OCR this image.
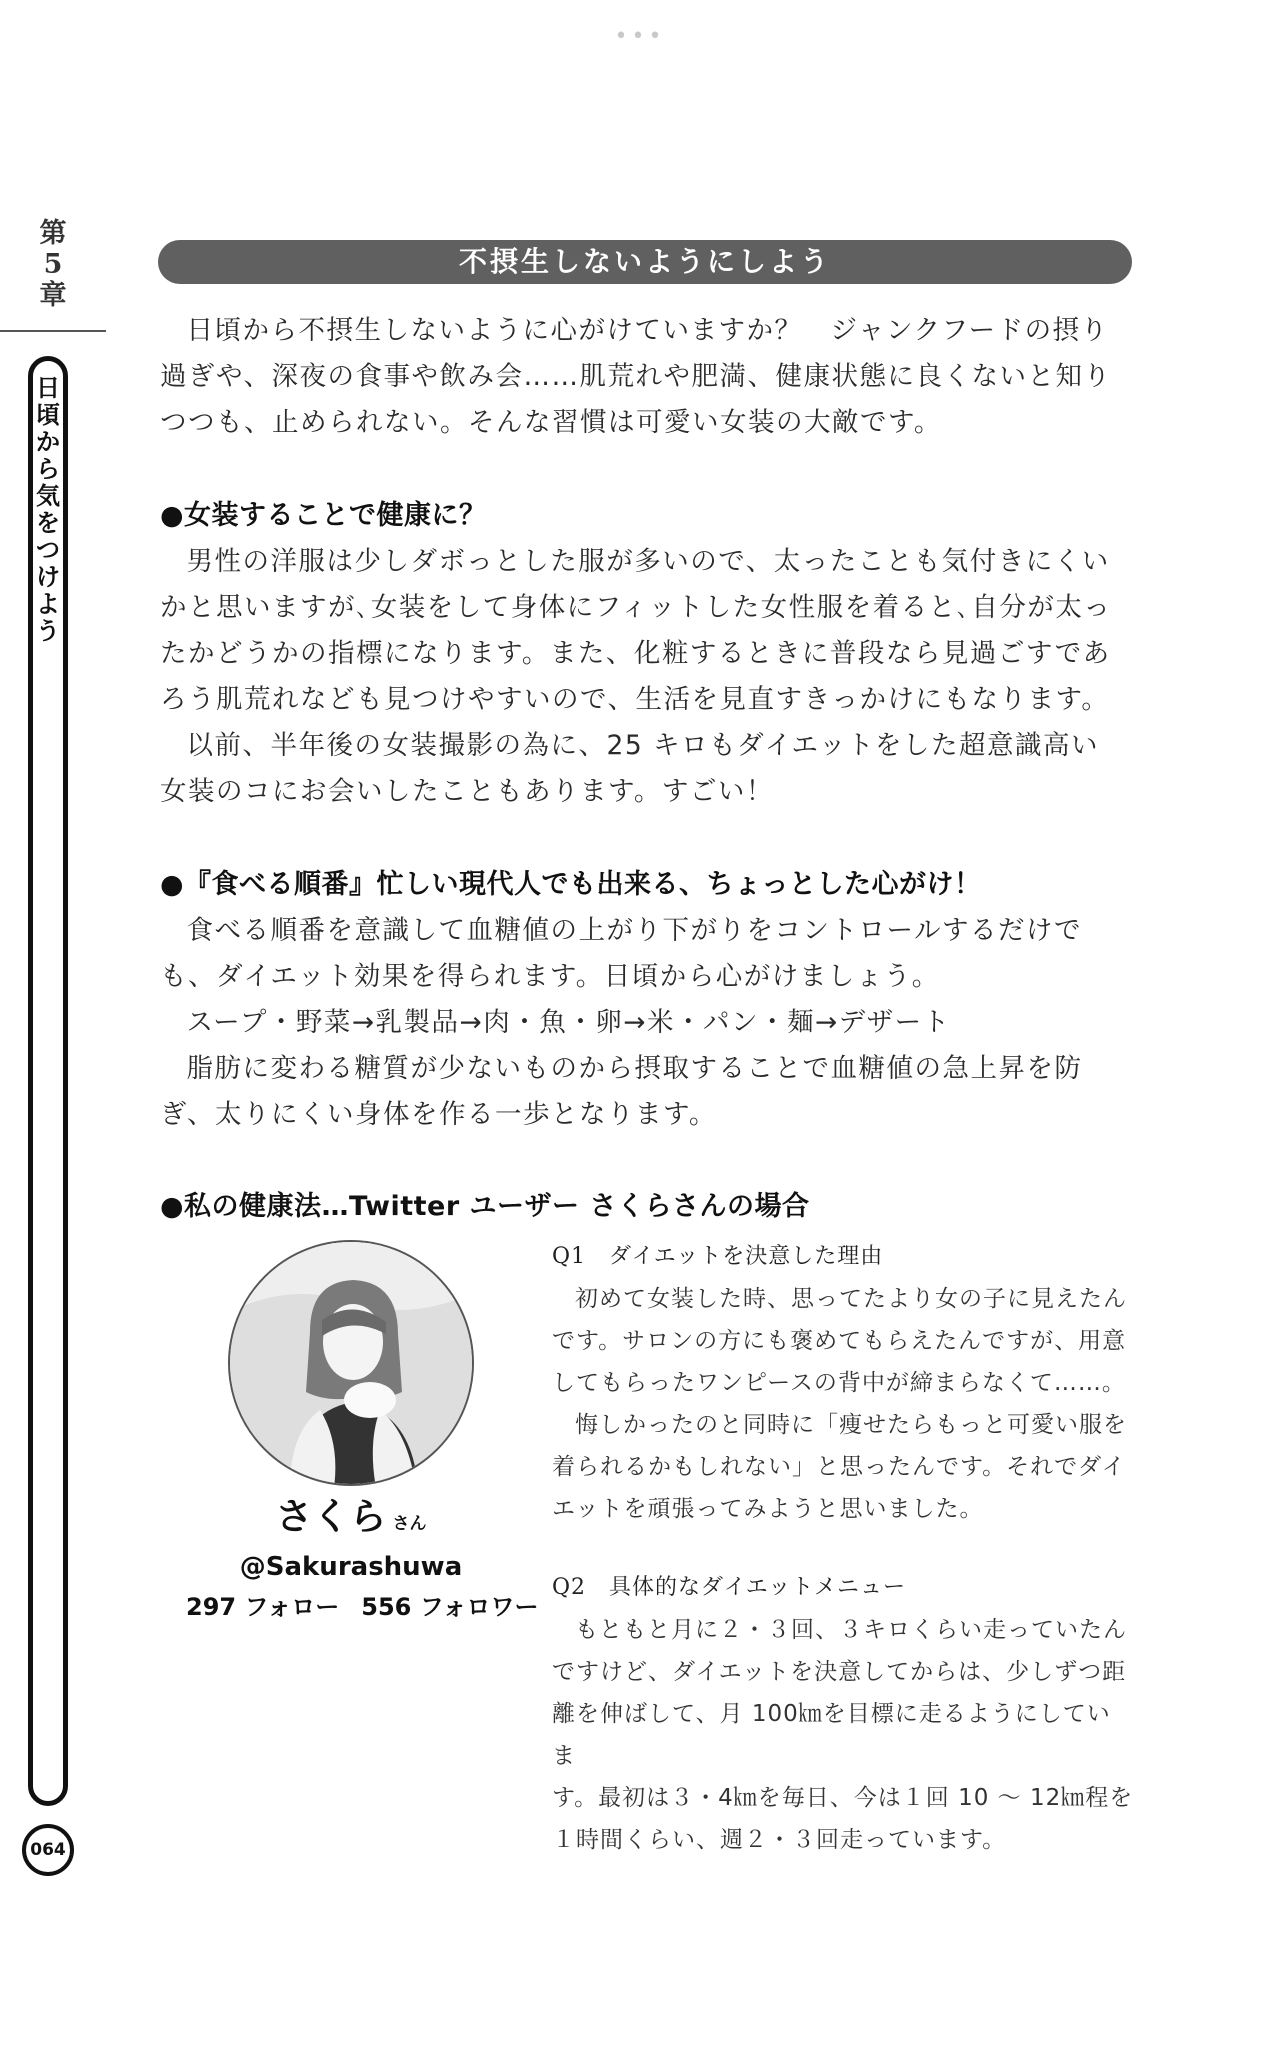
•••
第
5
章
日
頃
か
ら
気
を
つ
け
よ
う
064
不摂生しないようにしよう

日頃から不摂生しないように心がけていますか？　ジャンクフードの摂り

過ぎや、深夜の食事や飲み会……肌荒れや肥満、健康状態に良くないと知り

つつも、止められない。そんな習慣は可愛い女装の大敵です。

●女装することで健康に？

男性の洋服は少しダボっとした服が多いので、太ったことも気付きにくい

かと思いますが､女装をして身体にフィットした女性服を着ると､自分が太っ

たかどうかの指標になります。また、化粧するときに普段なら見過ごすであ

ろう肌荒れなども見つけやすいので、生活を見直すきっかけにもなります。

以前、半年後の女装撮影の為に、25 キロもダイエットをした超意識高い

女装のコにお会いしたこともあります。すごい！

●『食べる順番』忙しい現代人でも出来る、ちょっとした心がけ！

食べる順番を意識して血糖値の上がり下がりをコントロールするだけで

も、ダイエット効果を得られます。日頃から心がけましょう。

スープ・野菜→乳製品→肉・魚・卵→米・パン・麺→デザート

脂肪に変わる糖質が少ないものから摂取することで血糖値の急上昇を防

ぎ、太りにくい身体を作る一歩となります。

●私の健康法…Twitter ユーザー さくらさんの場合

さくら さん
@Sakurashuwa
297 フォロー 556 フォロワー

Q1　ダイエットを決意した理由

初めて女装した時、思ってたより女の子に見えたん

です。サロンの方にも褒めてもらえたんですが、用意

してもらったワンピースの背中が締まらなくて……。

悔しかったのと同時に「痩せたらもっと可愛い服を

着られるかもしれない」と思ったんです。それでダイ

エットを頑張ってみようと思いました。

Q2　具体的なダイエットメニュー

もともと月に２・３回、３キロくらい走っていたん

ですけど、ダイエットを決意してからは、少しずつ距

離を伸ばして、月 100㎞を目標に走るようにしていま

す。最初は３・4㎞を毎日、今は１回 10 ～ 12㎞程を

１時間くらい、週２・３回走っています。
